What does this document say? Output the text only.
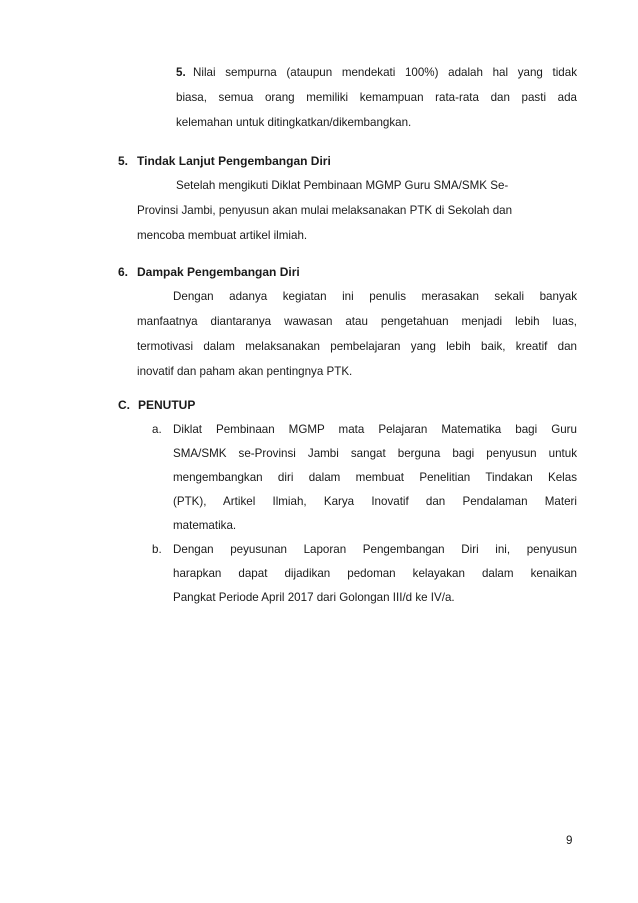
5. Nilai sempurna (ataupun mendekati 100%) adalah hal yang tidak
biasa, semua orang memiliki kemampuan rata-rata dan pasti ada
kelemahan untuk ditingkatkan/dikembangkan.
5. Tindak Lanjut Pengembangan Diri
Setelah mengikuti Diklat Pembinaan MGMP Guru SMA/SMK Se-
Provinsi Jambi, penyusun akan mulai melaksanakan PTK di Sekolah dan
mencoba membuat artikel ilmiah.
6. Dampak Pengembangan Diri
Dengan adanya kegiatan ini penulis merasakan sekali banyak
manfaatnya diantaranya wawasan atau pengetahuan menjadi lebih luas,
termotivasi dalam melaksanakan pembelajaran yang lebih baik, kreatif dan
inovatif dan paham akan pentingnya PTK.
C. PENUTUP
a. Diklat Pembinaan MGMP mata Pelajaran Matematika bagi Guru
SMA/SMK se-Provinsi Jambi sangat berguna bagi penyusun untuk
mengembangkan diri dalam membuat Penelitian Tindakan Kelas
(PTK), Artikel Ilmiah, Karya Inovatif dan Pendalaman Materi
matematika.
b. Dengan peyusunan Laporan Pengembangan Diri ini, penyusun
harapkan dapat dijadikan pedoman kelayakan dalam kenaikan
Pangkat Periode April 2017 dari Golongan III/d ke IV/a.
9
